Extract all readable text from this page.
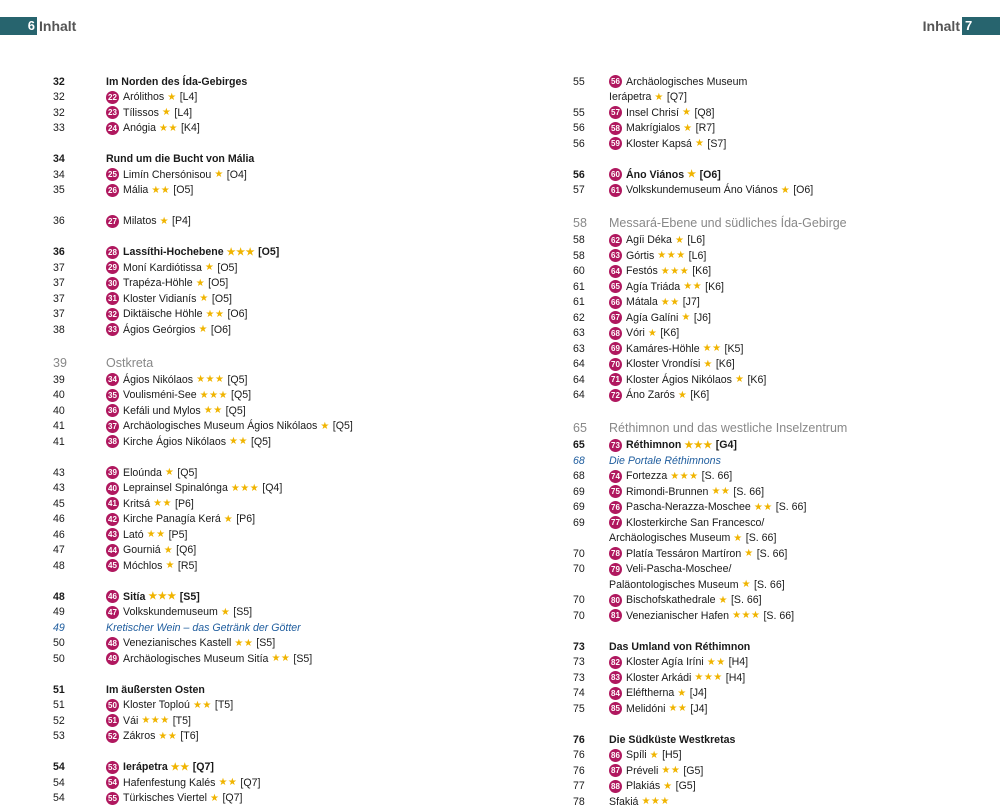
6 Inhalt	Inhalt 7
32	Im Norden des Ída-Gebirges
32	22 Arólithos ★ [L4]
32	23 Tílissos ★ [L4]
33	24 Anógia ★★ [K4]
34	Rund um die Bucht von Mália
34	25 Limín Chersónisou ★ [O4]
35	26 Mália ★★ [O5]
36	27 Milatos ★ [P4]
36	28 Lassíthi-Hochebene ★★★ [O5]
37	29 Moní Kardiótissa ★ [O5]
37	30 Trapéza-Höhle ★ [O5]
37	31 Kloster Vidianís ★ [O5]
37	32 Diktäische Höhle ★★ [O6]
38	33 Ágios Geórgios ★ [O6]
39	Ostkreta
39	34 Ágios Nikólaos ★★★ [Q5]
40	35 Voulisméni-See ★★★ [Q5]
40	36 Kefáli und Mylos ★★ [Q5]
41	37 Archäologisches Museum Ágios Nikólaos ★ [Q5]
41	38 Kirche Ágios Nikólaos ★★ [Q5]
43	39 Eloúnda ★ [Q5]
43	40 Leprainsel Spinalónga ★★★ [Q4]
45	41 Kritsá ★★ [P6]
46	42 Kirche Panagía Kerá ★ [P6]
46	43 Lató ★★ [P5]
47	44 Gourniá ★ [Q6]
48	45 Móchlos ★ [R5]
48	46 Sitía ★★★ [S5]
49	47 Volkskundemuseum ★ [S5]
49	Kretischer Wein – das Getränk der Götter
50	48 Venezianisches Kastell ★★ [S5]
50	49 Archäologisches Museum Sitía ★★ [S5]
51	Im äußersten Osten
51	50 Kloster Toploú ★★ [T5]
52	51 Vái ★★★ [T5]
53	52 Zákros ★★ [T6]
54	53 Ierápetra ★★ [Q7]
54	54 Hafenfestung Kalés ★★ [Q7]
54	55 Türkisches Viertel ★ [Q7]
55	56 Archäologisches Museum
Ierápetra ★ [Q7]
55	57 Insel Chrisí ★ [Q8]
56	58 Makrígialos ★ [R7]
56	59 Kloster Kapsá ★ [S7]
56	60 Áno Viános ★ [O6]
57	61 Volkskundemuseum Áno Viános ★ [O6]
58	Messará-Ebene und südliches Ída-Gebirge
58	62 Agíi Déka ★ [L6]
58	63 Górtis ★★★ [L6]
60	64 Festós ★★★ [K6]
61	65 Agía Triáda ★★ [K6]
61	66 Mátala ★★ [J7]
62	67 Agía Galíni ★ [J6]
63	68 Vóri ★ [K6]
63	69 Kamáres-Höhle ★★ [K5]
64	70 Kloster Vrondísi ★ [K6]
64	71 Kloster Ágios Nikólaos ★ [K6]
64	72 Áno Zarós ★ [K6]
65	Réthimnon und das westliche Inselzentrum
65	73 Réthimnon ★★★ [G4]
68	Die Portale Réthimnons
68	74 Fortezza ★★★ [S. 66]
69	75 Rimondi-Brunnen ★★ [S. 66]
69	76 Pascha-Nerazza-Moschee ★★ [S. 66]
69	77 Klosterkirche San Francesco/
Archäologisches Museum ★ [S. 66]
70	78 Platía Tessáron Martíron ★ [S. 66]
70	79 Veli-Pascha-Moschee/
Paläontologisches Museum ★ [S. 66]
70	80 Bischofskathedrale ★ [S. 66]
70	81 Venezianischer Hafen ★★★ [S. 66]
73	Das Umland von Réthimnon
73	82 Kloster Agía Iríni ★★ [H4]
73	83 Kloster Arkádi ★★★ [H4]
74	84 Eléftherna ★ [J4]
75	85 Melidóni ★★ [J4]
76	Die Südküste Westkretas
76	86 Spíli ★ [H5]
76	87 Préveli ★★ [G5]
77	88 Plakiás ★ [G5]
78	Sfakiá ★★★
